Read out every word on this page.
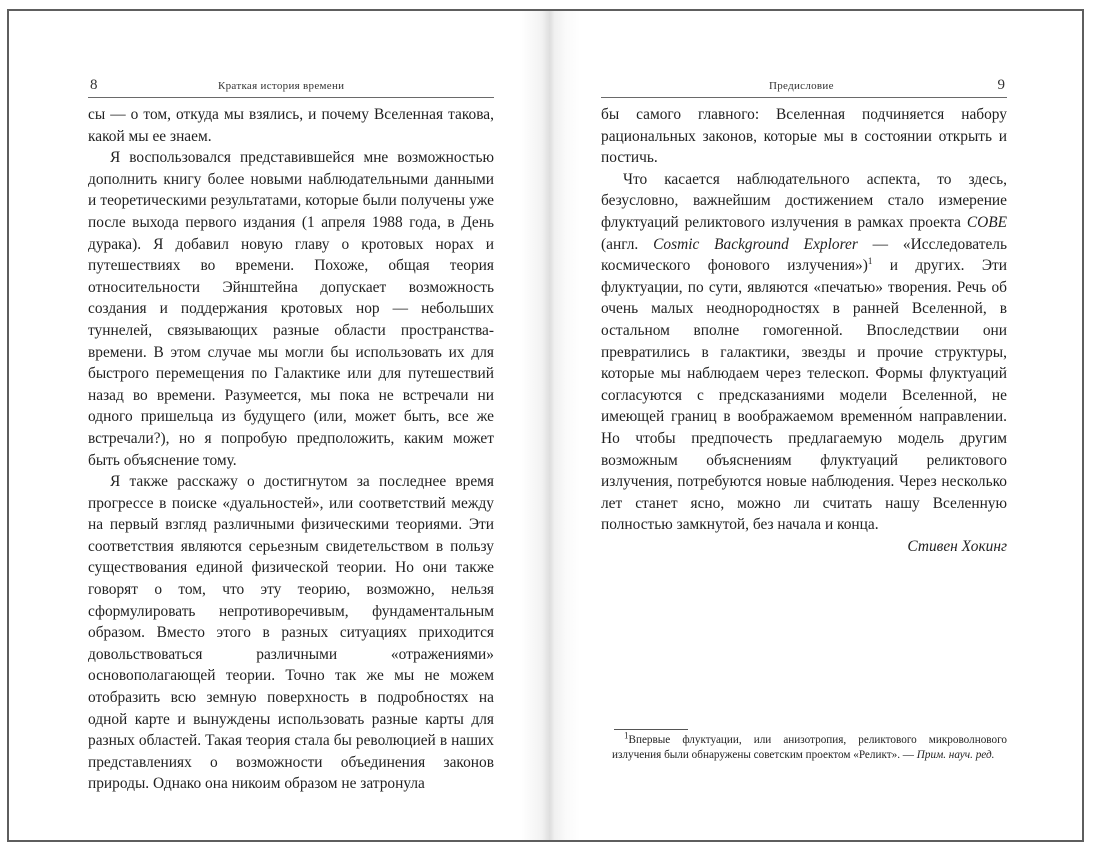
8	Краткая история времени

сы — о том, откуда мы взялись, и почему Вселенная такова, какой мы ее знаем.

Я воспользовался представившейся мне возможностью дополнить книгу более новыми наблюдательными данными и теоретическими результатами, которые были получены уже после выхода первого издания (1 апреля 1988 года, в День дурака). Я добавил новую главу о кротовых норах и путешествиях во времени. Похоже, общая теория относительности Эйнштейна допускает возможность создания и поддержания кротовых нор — небольших туннелей, связывающих разные области пространства-времени. В этом случае мы могли бы использовать их для быстрого перемещения по Галактике или для путешествий назад во времени. Разумеется, мы пока не встречали ни одного пришельца из будущего (или, может быть, все же встречали?), но я попробую предположить, каким может быть объяснение тому.

Я также расскажу о достигнутом за последнее время прогрессе в поиске «дуальностей», или соответствий между на первый взгляд различными физическими теориями. Эти соответствия являются серьезным свидетельством в пользу существования единой физической теории. Но они также говорят о том, что эту теорию, возможно, нельзя сформулировать непротиворечивым, фундаментальным образом. Вместо этого в разных ситуациях приходится довольствоваться различными «отражениями» основополагающей теории. Точно так же мы не можем отобразить всю земную поверхность в подробностях на одной карте и вынуждены использовать разные карты для разных областей. Такая теория стала бы революцией в наших представлениях о возможности объединения законов природы. Однако она никоим образом не затронула

Предисловие	9

бы самого главного: Вселенная подчиняется набору рациональных законов, которые мы в состоянии открыть и постичь.

Что касается наблюдательного аспекта, то здесь, безусловно, важнейшим достижением стало измерение флуктуаций реликтового излучения в рамках проекта COBE (англ. Cosmic Background Explorer — «Исследователь космического фонового излучения»)$^1$ и других. Эти флуктуации, по сути, являются «печатью» творения. Речь об очень малых неоднородностях в ранней Вселенной, в остальном вполне гомогенной. Впоследствии они превратились в галактики, звезды и прочие структуры, которые мы наблюдаем через телескоп. Формы флуктуаций согласуются с предсказаниями модели Вселенной, не имеющей границ в воображаемом временно́м направлении. Но чтобы предпочесть предлагаемую модель другим возможным объяснениям флуктуаций реликтового излучения, потребуются новые наблюдения. Через несколько лет станет ясно, можно ли считать нашу Вселенную полностью замкнутой, без начала и конца.

Стивен Хокинг

$^1$Впервые флуктуации, или анизотропия, реликтового микроволнового излучения были обнаружены советским проектом «Реликт». — Прим. науч. ред.
